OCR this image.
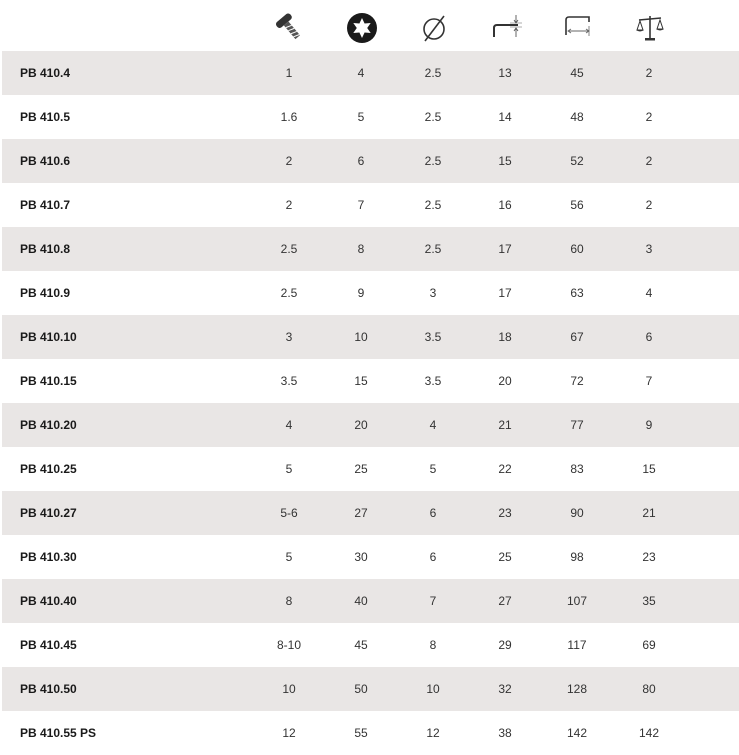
PB 410.4	1	4	2.5	13	45	2
PB 410.5	1.6	5	2.5	14	48	2
PB 410.6	2	6	2.5	15	52	2
PB 410.7	2	7	2.5	16	56	2
PB 410.8	2.5	8	2.5	17	60	3
PB 410.9	2.5	9	3	17	63	4
PB 410.10	3	10	3.5	18	67	6
PB 410.15	3.5	15	3.5	20	72	7
PB 410.20	4	20	4	21	77	9
PB 410.25	5	25	5	22	83	15
PB 410.27	5-6	27	6	23	90	21
PB 410.30	5	30	6	25	98	23
PB 410.40	8	40	7	27	107	35
PB 410.45	8-10	45	8	29	117	69
PB 410.50	10	50	10	32	128	80
PB 410.55 PS	12	55	12	38	142	142
